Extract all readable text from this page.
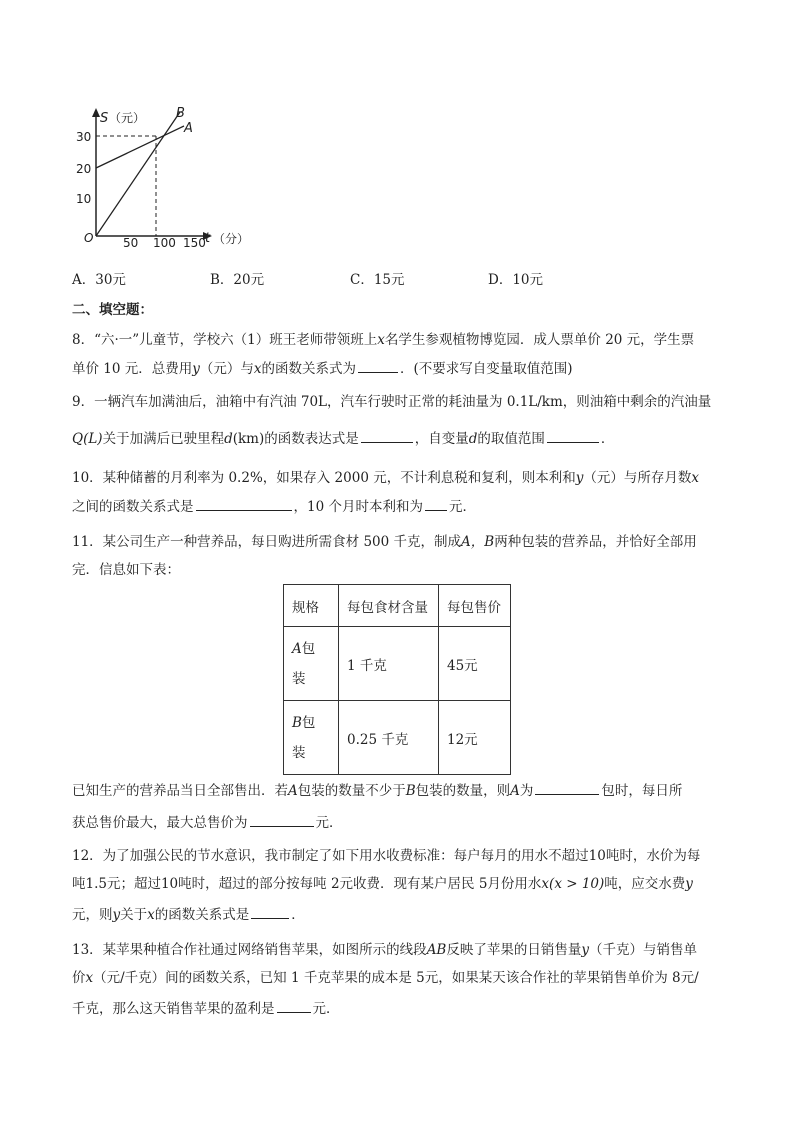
S （元）
30
20
10
O 50 100 150 t （分）
B
A
A．30元	B．20元	C．15元	D．10元
二、填空题：
8．“六·一”儿童节，学校六（1）班王老师带领班上x名学生参观植物博览园．成人票单价 20 元，学生票
单价 10 元．总费用y（元）与x的函数关系式为	．(不要求写自变量取值范围)
9．一辆汽车加满油后，油箱中有汽油 70L，汽车行驶时正常的耗油量为 0.1L/km，则油箱中剩余的汽油量
Q(L)关于加满后已驶里程d(km)的函数表达式是	，自变量d的取值范围	．
10．某种储蓄的月利率为 0.2%，如果存入 2000 元，不计利息税和复利，则本利和y（元）与所存月数x
之间的函数关系式是	，10 个月时本利和为 元．
11．某公司生产一种营养品，每日购进所需食材 500 千克，制成A，B两种包装的营养品，并恰好全部用
完．信息如下表：
规格	每包食材含量	每包售价
A包
装	1 千克	45元
B包
装	0.25 千克	12元
已知生产的营养品当日全部售出．若A包装的数量不少于B包装的数量，则A为	包时，每日所
获总售价最大，最大总售价为	元．
12．为了加强公民的节水意识，我市制定了如下用水收费标准：每户每月的用水不超过10吨时，水价为每
吨1.5元；超过10吨时，超过的部分按每吨 2元收费．现有某户居民 5月份用水x(x > 10)吨，应交水费y
元，则y关于x的函数关系式是	．
13．某苹果种植合作社通过网络销售苹果，如图所示的线段AB反映了苹果的日销售量y（千克）与销售单
价x（元/千克）间的函数关系，已知 1 千克苹果的成本是 5元，如果某天该合作社的苹果销售单价为 8元/
千克，那么这天销售苹果的盈利是	元．
